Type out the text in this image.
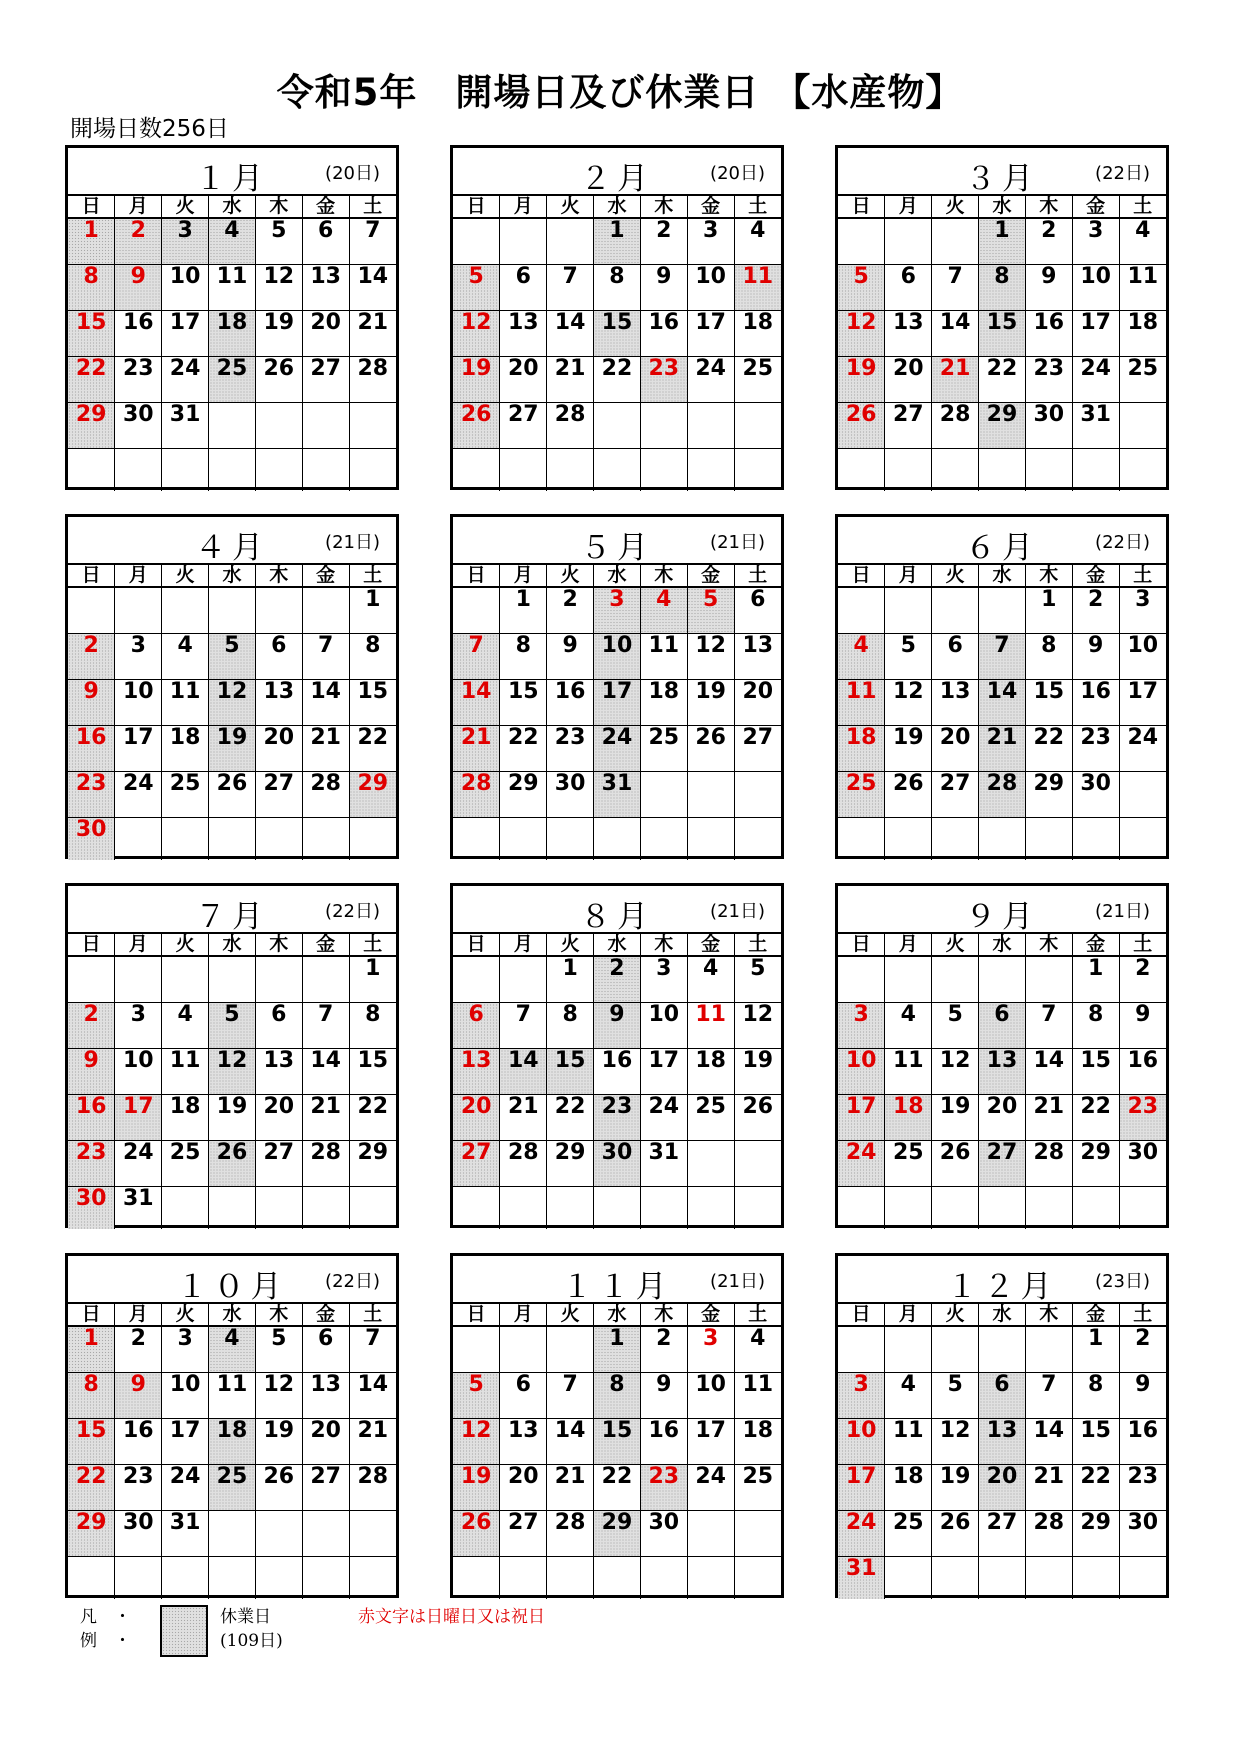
令和5年　開場日及び休業日 【水産物】
開場日数256日
１月	(20日)
日	月	火	水	木	金	土
1	2	3	4	5	6	7
8	9	10	11	12	13	14
15	16	17	18	19	20	21
22	23	24	25	26	27	28
29	30	31				

２月	(20日)
日	月	火	水	木	金	土
			1	2	3	4
5	6	7	8	9	10	11
12	13	14	15	16	17	18
19	20	21	22	23	24	25
26	27	28				

３月	(22日)
日	月	火	水	木	金	土
			1	2	3	4
5	6	7	8	9	10	11
12	13	14	15	16	17	18
19	20	21	22	23	24	25
26	27	28	29	30	31	

４月	(21日)
日	月	火	水	木	金	土
						1
2	3	4	5	6	7	8
9	10	11	12	13	14	15
16	17	18	19	20	21	22
23	24	25	26	27	28	29
30						
５月	(21日)
日	月	火	水	木	金	土
	1	2	3	4	5	6
7	8	9	10	11	12	13
14	15	16	17	18	19	20
21	22	23	24	25	26	27
28	29	30	31			

６月	(22日)
日	月	火	水	木	金	土
				1	2	3
4	5	6	7	8	9	10
11	12	13	14	15	16	17
18	19	20	21	22	23	24
25	26	27	28	29	30	

７月	(22日)
日	月	火	水	木	金	土
						1
2	3	4	5	6	7	8
9	10	11	12	13	14	15
16	17	18	19	20	21	22
23	24	25	26	27	28	29
30	31					
８月	(21日)
日	月	火	水	木	金	土
		1	2	3	4	5
6	7	8	9	10	11	12
13	14	15	16	17	18	19
20	21	22	23	24	25	26
27	28	29	30	31		

９月	(21日)
日	月	火	水	木	金	土
					1	2
3	4	5	6	7	8	9
10	11	12	13	14	15	16
17	18	19	20	21	22	23
24	25	26	27	28	29	30

１０月	(22日)
日	月	火	水	木	金	土
1	2	3	4	5	6	7
8	9	10	11	12	13	14
15	16	17	18	19	20	21
22	23	24	25	26	27	28
29	30	31				

１１月	(21日)
日	月	火	水	木	金	土
			1	2	3	4
5	6	7	8	9	10	11
12	13	14	15	16	17	18
19	20	21	22	23	24	25
26	27	28	29	30		

１２月	(23日)
日	月	火	水	木	金	土
					1	2
3	4	5	6	7	8	9
10	11	12	13	14	15	16
17	18	19	20	21	22	23
24	25	26	27	28	29	30
31						
凡　・
例　・
休業日
(109日)
赤文字は日曜日又は祝日
